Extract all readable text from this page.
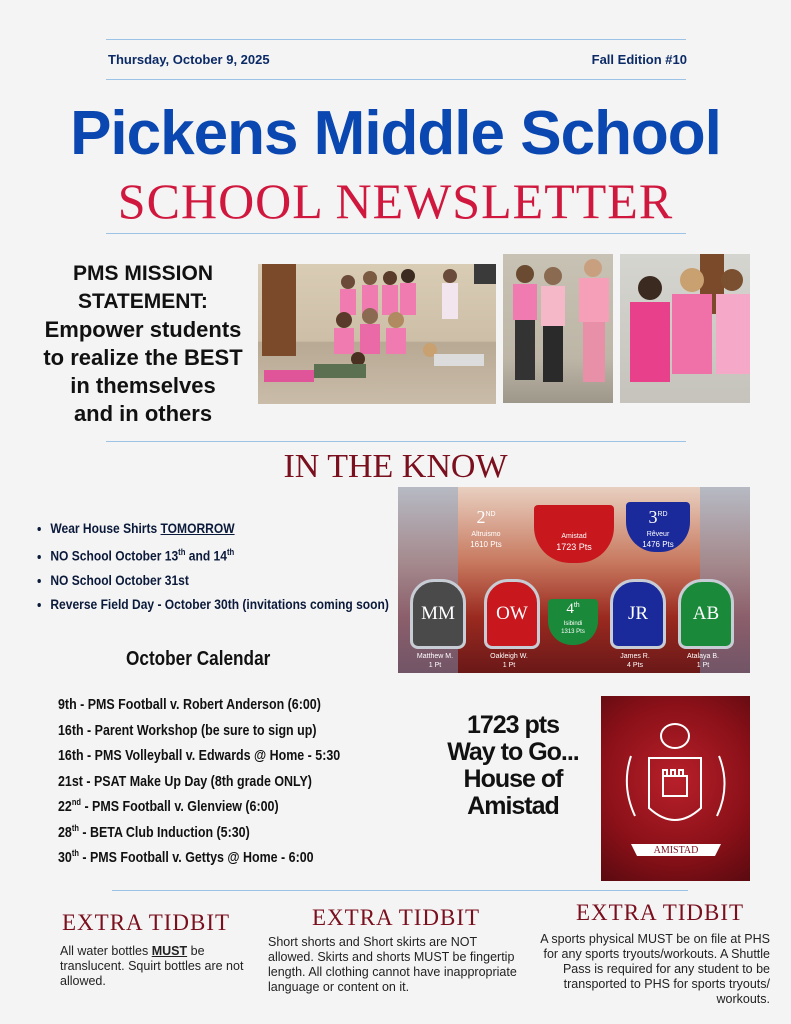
Thursday, October 9, 2025	Fall Edition #10
Pickens Middle School
SCHOOL NEWSLETTER
PMS MISSION STATEMENT:
Empower students
to realize the BEST
in themselves
and in others
IN THE KNOW
• Wear House Shirts TOMORROW
• NO School October 13th and 14th
• NO School October 31st
• Reverse Field Day - October 30th (invitations coming soon)
2ND
Altruismo
1610 Pts
Amistad
1723 Pts
3RD
Rêveur
1476 Pts
4th
Isibindi
1313 Pts
MM
Matthew M.
1 Pt
OW
Oakleigh W.
1 Pt
JR
James R.
4 Pts
AB
Atalaya B.
1 Pt
October Calendar
9th - PMS Football v. Robert Anderson (6:00)
16th - Parent Workshop (be sure to sign up)
16th - PMS Volleyball v. Edwards @ Home - 5:30
21st - PSAT Make Up Day (8th grade ONLY)
22nd - PMS Football v. Glenview (6:00)
28th - BETA Club Induction (5:30)
30th - PMS Football v. Gettys @ Home - 6:00
1723 pts
Way to Go...
House of
Amistad
AMISTAD
EXTRA TIDBIT
All water bottles MUST be translucent. Squirt bottles are not allowed.
EXTRA TIDBIT
Short shorts and Short skirts are NOT allowed. Skirts and shorts MUST be fingertip length. All clothing cannot have inappropriate language or content on it.
EXTRA TIDBIT
A sports physical MUST be on file at PHS for any sports tryouts/workouts. A Shuttle Pass is required for any student to be transported to PHS for sports tryouts/ workouts.
